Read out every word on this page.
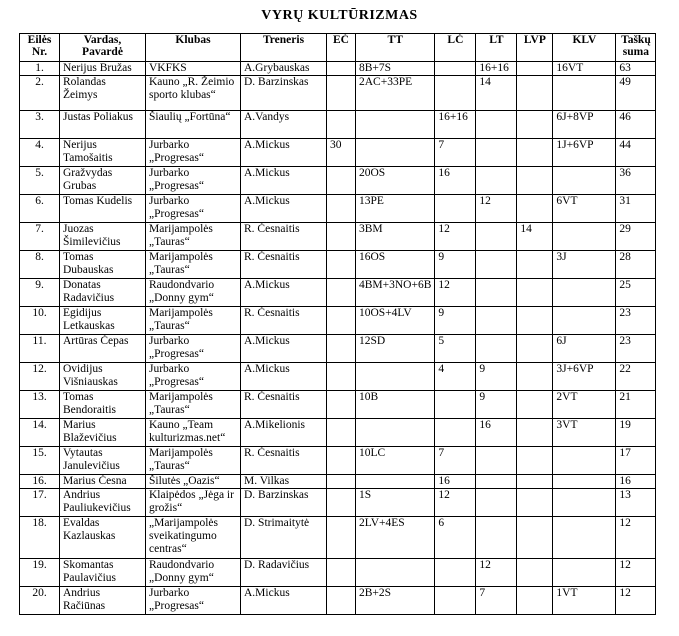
VYRŲ KULTŪRIZMAS
Eilės Nr.	Vardas, Pavardė	Klubas	Treneris	EČ	TT	LČ	LT	LVP	KLV	Taškų suma
1.	Nerijus Bružas	VKFKS	A.Grybauskas		8B+7S		16+16		16VT	63
2.	Rolandas Žeimys	Kauno „R. Žeimio sporto klubas“	D. Barzinskas		2AC+33PE		14			49
3.	Justas Poliakus	Šiaulių „Fortūna“	A.Vandys			16+16			6J+8VP	46
4.	Nerijus Tamošaitis	Jurbarko „Progresas“	A.Mickus	30		7			1J+6VP	44
5.	Gražvydas Grubas	Jurbarko „Progresas“	A.Mickus		20OS	16				36
6.	Tomas Kudelis	Jurbarko „Progresas“	A.Mickus		13PE		12		6VT	31
7.	Juozas Šimilevičius	Marijampolės „Tauras“	R. Česnaitis		3BM	12		14		29
8.	Tomas Dubauskas	Marijampolės „Tauras“	R. Česnaitis		16OS	9			3J	28
9.	Donatas Radavičius	Raudondvario „Donny gym“	A.Mickus		4BM+3NO+6B	12				25
10.	Egidijus Letkauskas	Marijampolės „Tauras“	R. Česnaitis		10OS+4LV	9				23
11.	Artūras Čepas	Jurbarko „Progresas“	A.Mickus		12SD	5			6J	23
12.	Ovidijus Višniauskas	Jurbarko „Progresas“	A.Mickus			4	9		3J+6VP	22
13.	Tomas Bendoraitis	Marijampolės „Tauras“	R. Česnaitis		10B		9		2VT	21
14.	Marius Blaževičius	Kauno „Team kulturizmas.net“	A.Mikelionis				16		3VT	19
15.	Vytautas Janulevičius	Marijampolės „Tauras“	R. Česnaitis		10LC	7				17
16.	Marius Česna	Šilutės „Oazis“	M. Vilkas			16				16
17.	Andrius Pauliukevičius	Klaipėdos „Jėga ir grožis“	D. Barzinskas		1S	12				13
18.	Evaldas Kazlauskas	„Marijampolės sveikatingumo centras“	D. Strimaitytė		2LV+4ES	6				12
19.	Skomantas Paulavičius	Raudondvario „Donny gym“	D. Radavičius				12			12
20.	Andrius Račiūnas	Jurbarko „Progresas“	A.Mickus		2B+2S		7		1VT	12
